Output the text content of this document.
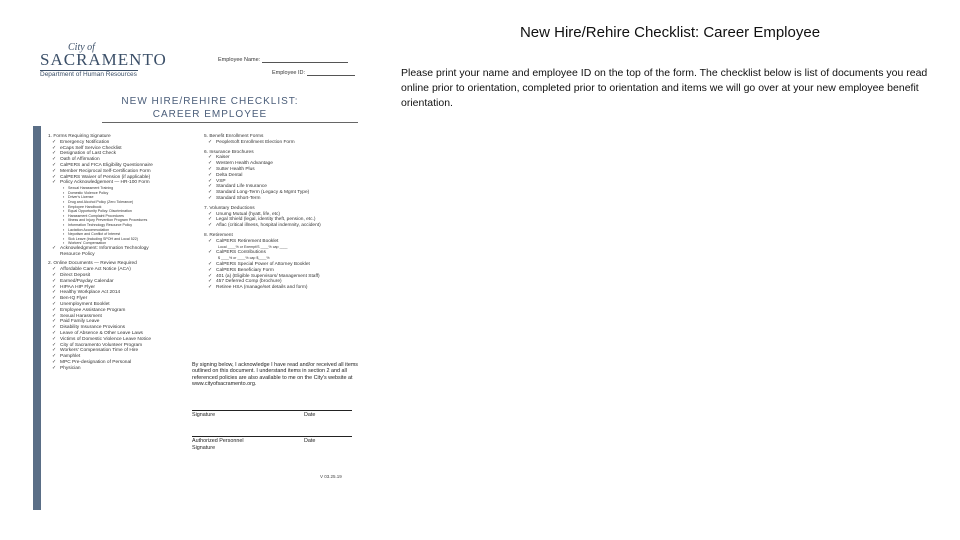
New Hire/Rehire Checklist: Career Employee
Please print your name and employee ID on the top of the form. The checklist below is list of documents you read online prior to orientation, completed prior to orientation and items we will go over at your new employee benefit orientation.
City of
SACRAMENTO
Department of Human Resources
Employee Name:
Employee ID:
NEW HIRE/REHIRE CHECKLIST:
CAREER EMPLOYEE
1. Forms Requiring Signature
✓ Emergency Notification
✓ eCaps Self Service Checklist
✓ Designation of Last Check
✓ Oath of Affirmation
✓ CalPERS and FICA Eligibility Questionnaire
✓ Member Reciprocal Self-Certification Form
✓ CalPERS Waiver of Pension (if applicable)
✓ Policy Acknowledgement — HR-100 Form
▪ Sexual Harassment Training
▪ Domestic Violence Policy
▪ Driver's License
▪ Drug and Alcohol Policy (Zero Tolerance)
▪ Employee Handbook
▪ Equal Opportunity Policy: Discrimination
▪ Harassment Complaint Procedures
▪ Illness and Injury Prevention Program Procedures
▪ Information Technology Resource Policy
▪ Lactation Accommodation
▪ Nepotism and Conflict of Interest
▪ Sick Leave (including SPOH and Local 522)
▪ Workers' Compensation
✓ Acknowledgment: Information Technology
Resource Policy
2. Online Documents — Review Required
✓ Affordable Care Act Notice (ACA)
✓ Direct Deposit
✓ Earned/Payday Calendar
✓ HIPAA HIP Flyer
✓ Healthy Workplace Act 2014
✓ Ben-IQ Flyer
✓ Unemployment Booklet
✓ Employee Assistance Program
✓ Sexual Harassment
✓ Paid Family Leave
✓ Disability Insurance Provisions
✓ Leave of Absence & Other Leave Laws
✓ Victims of Domestic Violence Leave Notice
✓ City of Sacramento Volunteer Program
✓ Workers' Compensation Time of Hire
✓ Pamphlet
✓ MPC Pre-designation of Personal
✓ Physician
5. Benefit Enrollment Forms
✓ PeopleSoft Enrollment Election Form
6. Insurance Brochures
✓ Kaiser
✓ Western Health Advantage
✓ Sutter Health Plus
✓ Delta Dental
✓ VSP
✓ Standard Life Insurance
✓ Standard Long-Term (Legacy & Mgmt Type)
✓ Standard Short-Term
7. Voluntary Deductions
✓ Unumg Mutual (hyatt, life, etc)
✓ Legal Shield (legal, identity theft, pension, etc.)
✓ Aflac (critical illness, hospital indemnity, accident)
8. Retirement
✓ CalPERS Retirement Booklet
Local ____% or Exempt/S ____% cap ____
✓ CalPERS Contributions
$ ____% or ____% cap $____%
✓ CalPERS Special Power of Attorney Booklet
✓ CalPERS Beneficiary Form
✓ 401 (a) (Eligible Supervisors/ Management Staff)
✓ 457 Deferred Comp (brochure)
✓ Retiree HSA (manage/set details and form)
By signing below, I acknowledge I have read and/or received all items outlined on this document. I understand items in section 2 and all referenced policies are also available to me on the City's website at www.cityofsacramento.org.
Signature	Date
Authorized Personnel
Signature
Date
V 03.25.19
